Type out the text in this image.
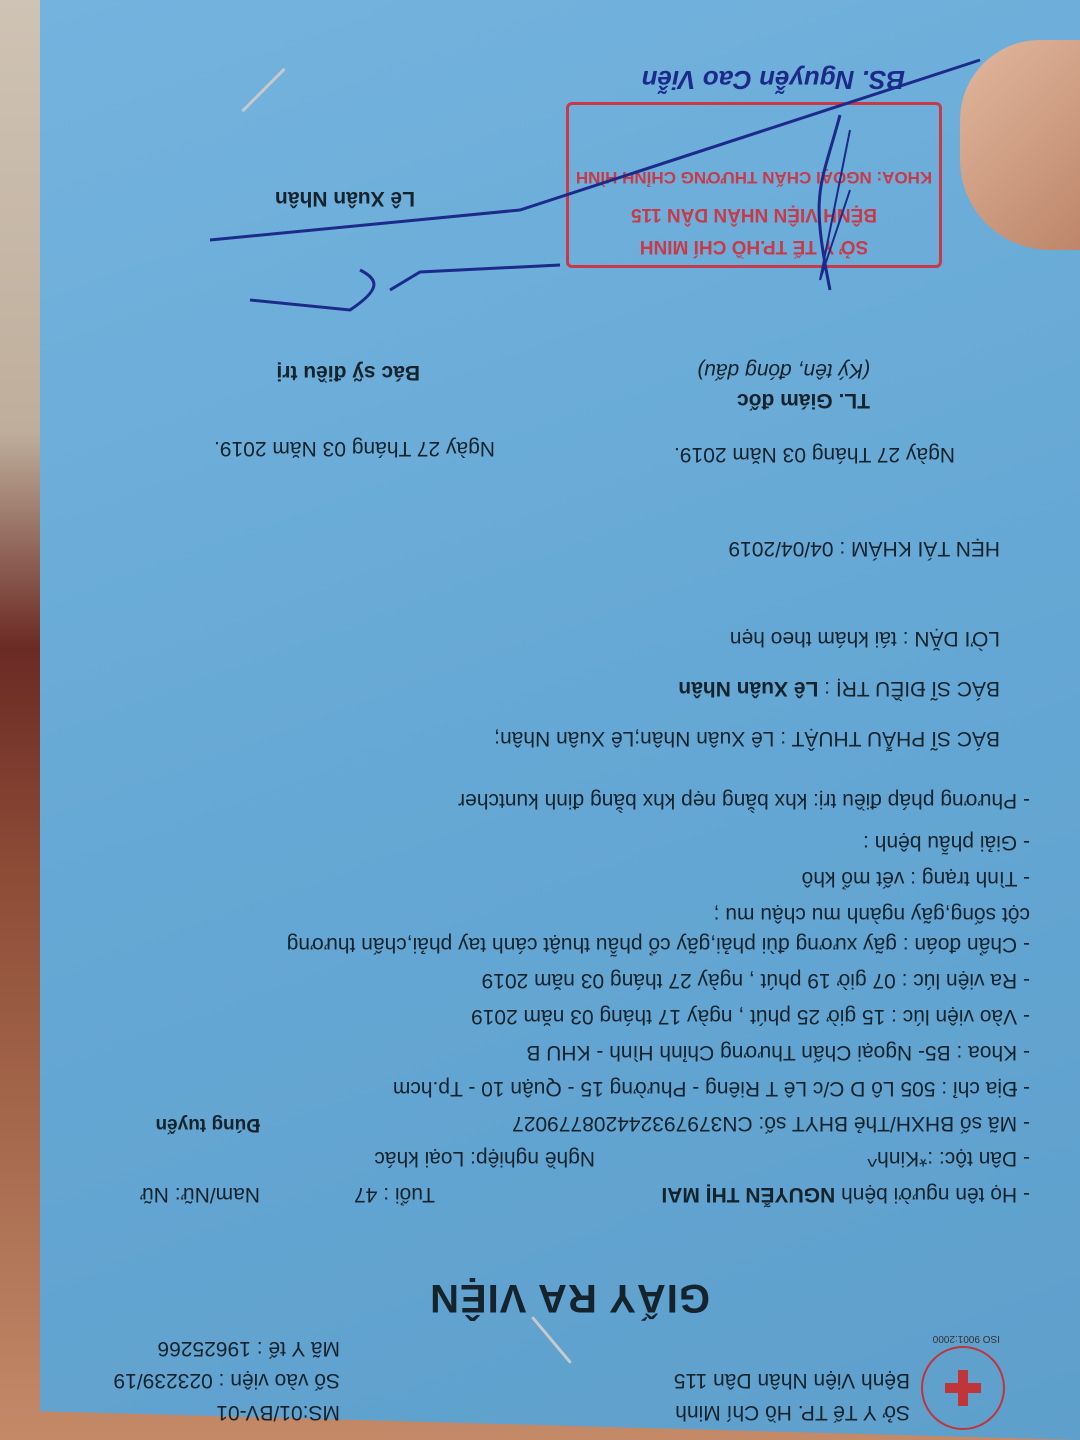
ISO 9001:2000
Sở Y Tế TP. Hồ Chí Minh
Bệnh Viện Nhân Dân 115
MS:01/BV-01
Số vào viện : 023239/19
Mã Y tế : 19625266
GIẤY RA VIỆN
- Họ tên người bệnh NGUYỄN THỊ MAI
Tuổi : 47
Nam/Nữ: Nữ
- Dân tộc: :*Kinh^
Nghề nghiệp: Loại khác
- Mã số BHXH/Thẻ BHYT số: CN3797932442087790​27
Đúng tuyến
- Địa chỉ : 505 Lô D C/c Lê T Riêng - Phường 15 - Quận 10 - Tp.hcm
- Khoa : B5- Ngoại Chấn Thương Chỉnh Hình - KHU B
- Vào viện lúc : 15 giờ 25 phút , ngày 17 tháng 03 năm 2019
- Ra viện lúc : 07 giờ 19 phút , ngày 27 tháng 03 năm 2019
- Chẩn đoán : gãy xương đùi phải,gãy cổ phẫu thuật cánh tay phải,chấn thương
cột sống,gãy ngành mu chậu mu ;
- Tình trạng : vết mổ khô
- Giải phẫu bệnh :
- Phương pháp điều trị: khx bằng nẹp khx bằng đinh kuntcher
BÁC SĨ PHẪU THUẬT : Lê Xuân Nhân;Lê Xuân Nhân;
BÁC SĨ ĐIỀU TRỊ : Lê Xuân Nhân
LỜI DẶN : tái khám theo hẹn
HẸN TÁI KHÁM : 04/04/2019
Ngày 27 Tháng 03 Năm 2019.
Ngày 27 Tháng 03 Năm 2019.
TL. Giám đốc
(Ký tên, đóng dấu)
Bác sỹ điều trị
Lê Xuân Nhân
SỞ Y TẾ TP.HỒ CHÍ MINH
BỆNH VIỆN NHÂN DÂN 115
KHOA: NGOẠI CHẤN THƯƠNG CHỈNH HÌNH
BS. Nguyễn Cao Viễn
